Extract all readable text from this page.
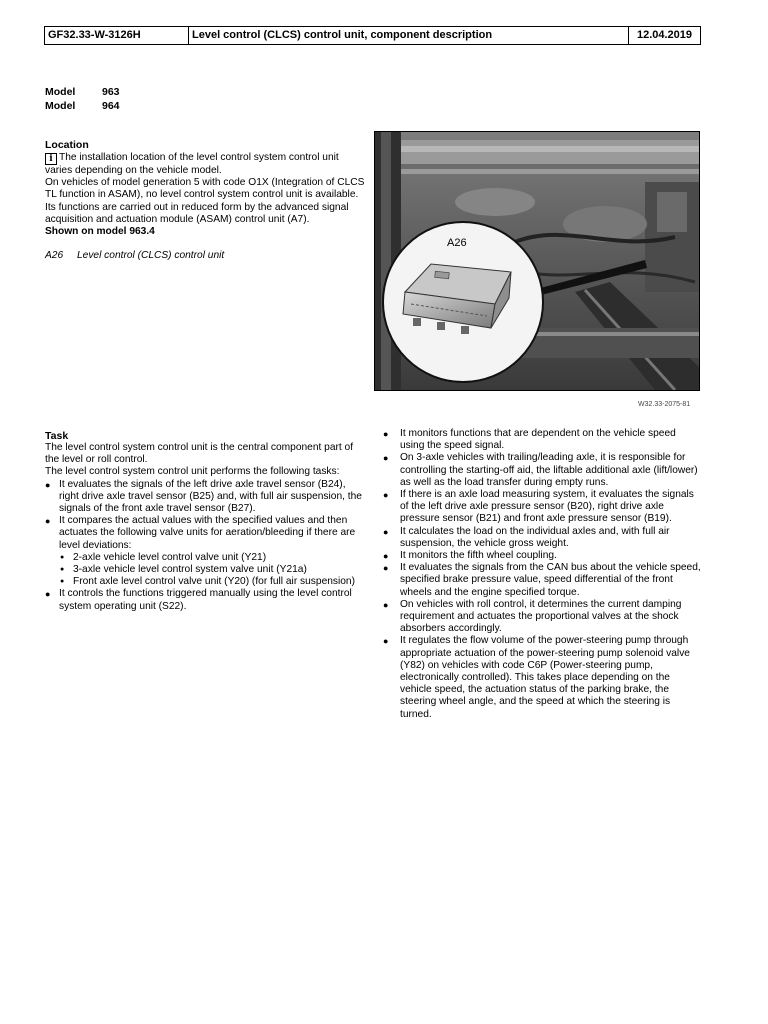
GF32.33-W-3126H	Level control (CLCS) control unit, component description	12.04.2019
Model	963
Model	964
Location

i The installation location of the level control system control unit varies depending on the vehicle model.

On vehicles of model generation 5 with code O1X (Integration of CLCS TL function in ASAM), no level control system control unit is available. Its functions are carried out in reduced form by the advanced signal acquisition and actuation module (ASAM) control unit (A7).

Shown on model 963.4

A26 Level control (CLCS) control unit
A26
W32.33-2075-81
Task

The level control system control unit is the central component part of the level or roll control.

The level control system control unit performs the following tasks:

● It evaluates the signals of the left drive axle travel sensor (B24), right drive axle travel sensor (B25) and, with full air suspension, the signals of the front axle travel sensor (B27).
● It compares the actual values with the specified values and then actuates the following valve units for aeration/bleeding if there are level deviations:
● 2-axle vehicle level control valve unit (Y21)
● 3-axle vehicle level control system valve unit (Y21a)
● Front axle level control valve unit (Y20) (for full air suspension)
● It controls the functions triggered manually using the level control system operating unit (S22).
● It monitors functions that are dependent on the vehicle speed using the speed signal.
● On 3-axle vehicles with trailing/leading axle, it is responsible for controlling the starting-off aid, the liftable additional axle (lift/lower) as well as the load transfer during empty runs.
● If there is an axle load measuring system, it evaluates the signals of the left drive axle pressure sensor (B20), right drive axle pressure sensor (B21) and front axle pressure sensor (B19).
● It calculates the load on the individual axles and, with full air suspension, the vehicle gross weight.
● It monitors the fifth wheel coupling.
● It evaluates the signals from the CAN bus about the vehicle speed, specified brake pressure value, speed differential of the front wheels and the engine specified torque.
● On vehicles with roll control, it determines the current damping requirement and actuates the proportional valves at the shock absorbers accordingly.
● It regulates the flow volume of the power-steering pump through appropriate actuation of the power-steering pump solenoid valve (Y82) on vehicles with code C6P (Power-steering pump, electronically controlled). This takes place depending on the vehicle speed, the actuation status of the parking brake, the steering wheel angle, and the speed at which the steering is turned.
